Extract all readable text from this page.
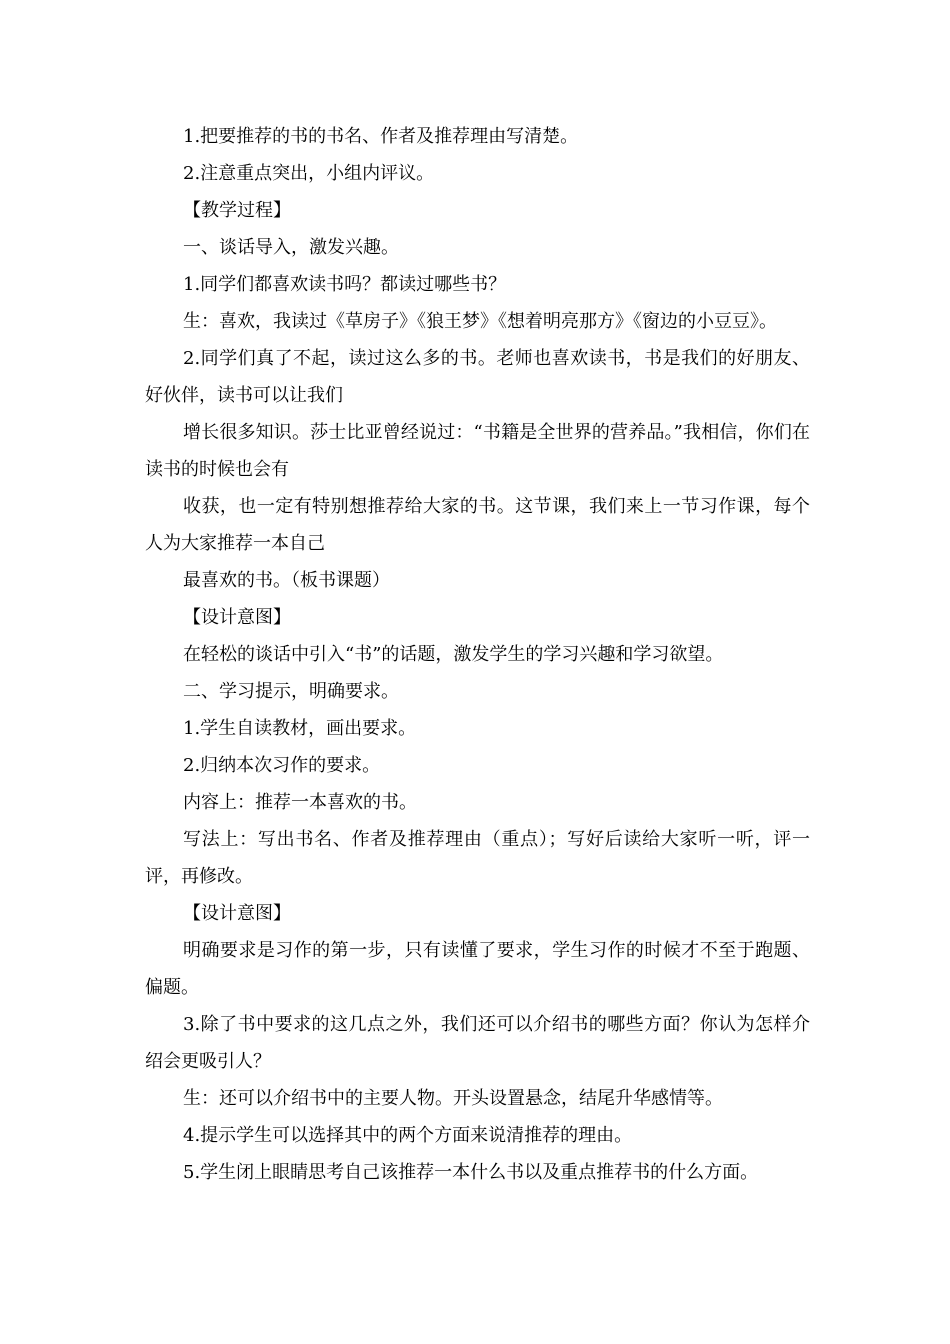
1.把要推荐的书的书名、作者及推荐理由写清楚。

2.注意重点突出，小组内评议。

【教学过程】

一、谈话导入，激发兴趣。

1.同学们都喜欢读书吗？都读过哪些书？

生：喜欢，我读过《草房子》《狼王梦》《想着明亮那方》《窗边的小豆豆》。

2.同学们真了不起，读过这么多的书。老师也喜欢读书，书是我们的好朋友、好伙伴，读书可以让我们

增长很多知识。莎士比亚曾经说过：“书籍是全世界的营养品。”我相信，你们在读书的时候也会有

收获，也一定有特别想推荐给大家的书。这节课，我们来上一节习作课，每个人为大家推荐一本自己

最喜欢的书。（板书课题）

【设计意图】

在轻松的谈话中引入“书”的话题，激发学生的学习兴趣和学习欲望。

二、学习提示，明确要求。

1.学生自读教材，画出要求。

2.归纳本次习作的要求。

内容上：推荐一本喜欢的书。

写法上：写出书名、作者及推荐理由（重点）；写好后读给大家听一听，评一评，再修改。

【设计意图】

明确要求是习作的第一步，只有读懂了要求，学生习作的时候才不至于跑题、偏题。

3.除了书中要求的这几点之外，我们还可以介绍书的哪些方面？你认为怎样介绍会更吸引人？

生：还可以介绍书中的主要人物。开头设置悬念，结尾升华感情等。

4.提示学生可以选择其中的两个方面来说清推荐的理由。

5.学生闭上眼睛思考自己该推荐一本什么书以及重点推荐书的什么方面。
